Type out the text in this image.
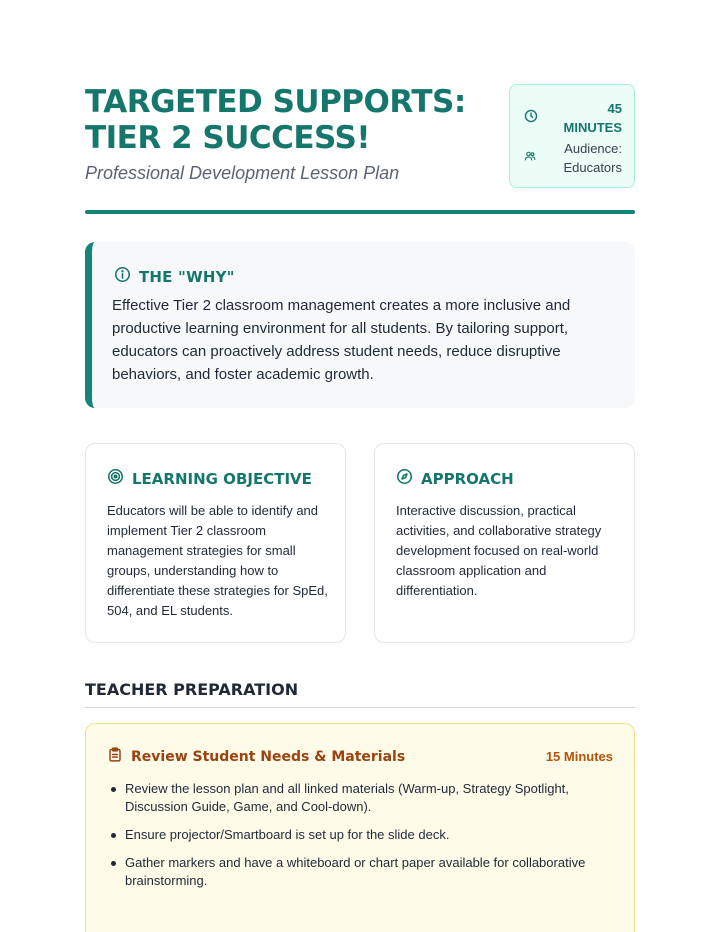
TARGETED SUPPORTS: TIER 2 SUCCESS!
Professional Development Lesson Plan
45 MINUTES
Audience: Educators
THE "WHY"

Effective Tier 2 classroom management creates a more inclusive and productive learning environment for all students. By tailoring support, educators can proactively address student needs, reduce disruptive behaviors, and foster academic growth.

LEARNING OBJECTIVE

Educators will be able to identify and implement Tier 2 classroom management strategies for small groups, understanding how to differentiate these strategies for SpEd, 504, and EL students.

APPROACH

Interactive discussion, practical activities, and collaborative strategy development focused on real-world classroom application and differentiation.

TEACHER PREPARATION
Review Student Needs & Materials	15 Minutes
Review the lesson plan and all linked materials (Warm-up, Strategy Spotlight, Discussion Guide, Game, and Cool-down).
Ensure projector/Smartboard is set up for the slide deck.
Gather markers and have a whiteboard or chart paper available for collaborative brainstorming.
